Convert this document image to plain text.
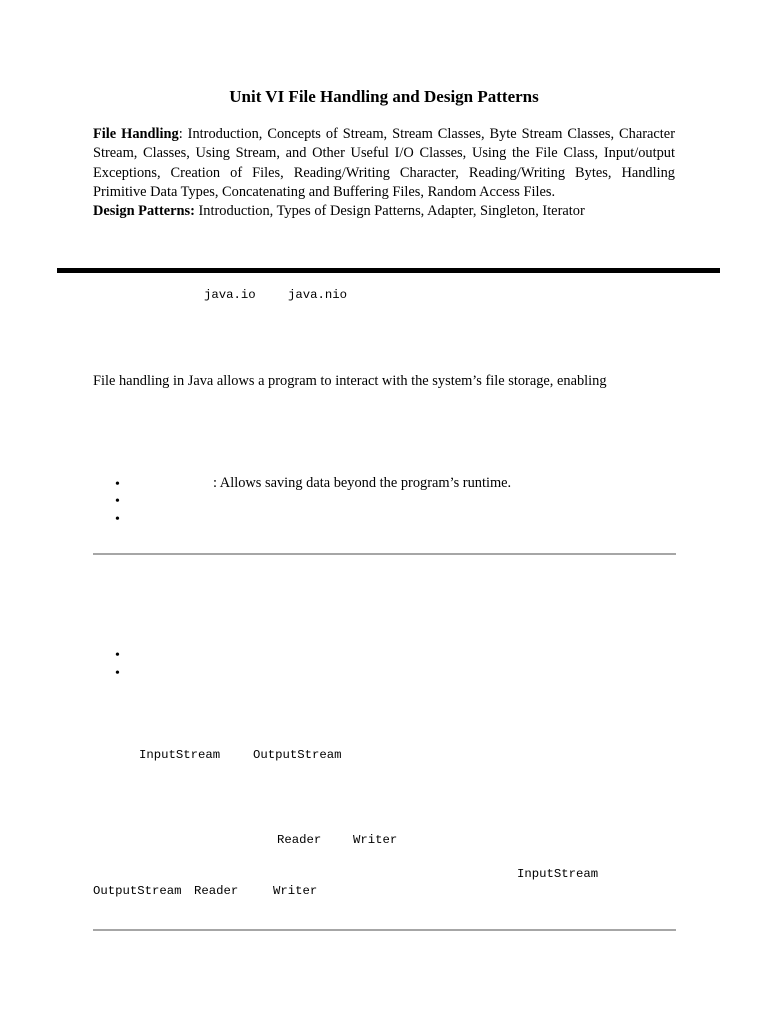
Unit VI File Handling and Design Patterns

File Handling: Introduction, Concepts of Stream, Stream Classes, Byte Stream Classes, Character Stream, Classes, Using Stream, and Other Useful I/O Classes, Using the File Class, Input/output Exceptions, Creation of Files, Reading/Writing Character, Reading/Writing Bytes, Handling Primitive Data Types, Concatenating and Buffering Files, Random Access Files.

Design Patterns: Introduction, Types of Design Patterns, Adapter, Singleton, Iterator

java.io	java.nio
File handling in Java allows a program to interact with the system’s file storage, enabling
•	: Allows saving data beyond the program’s runtime.
•
•
•
•
InputStream	OutputStream
Reader	Writer
InputStream
OutputStream Reader	Writer
